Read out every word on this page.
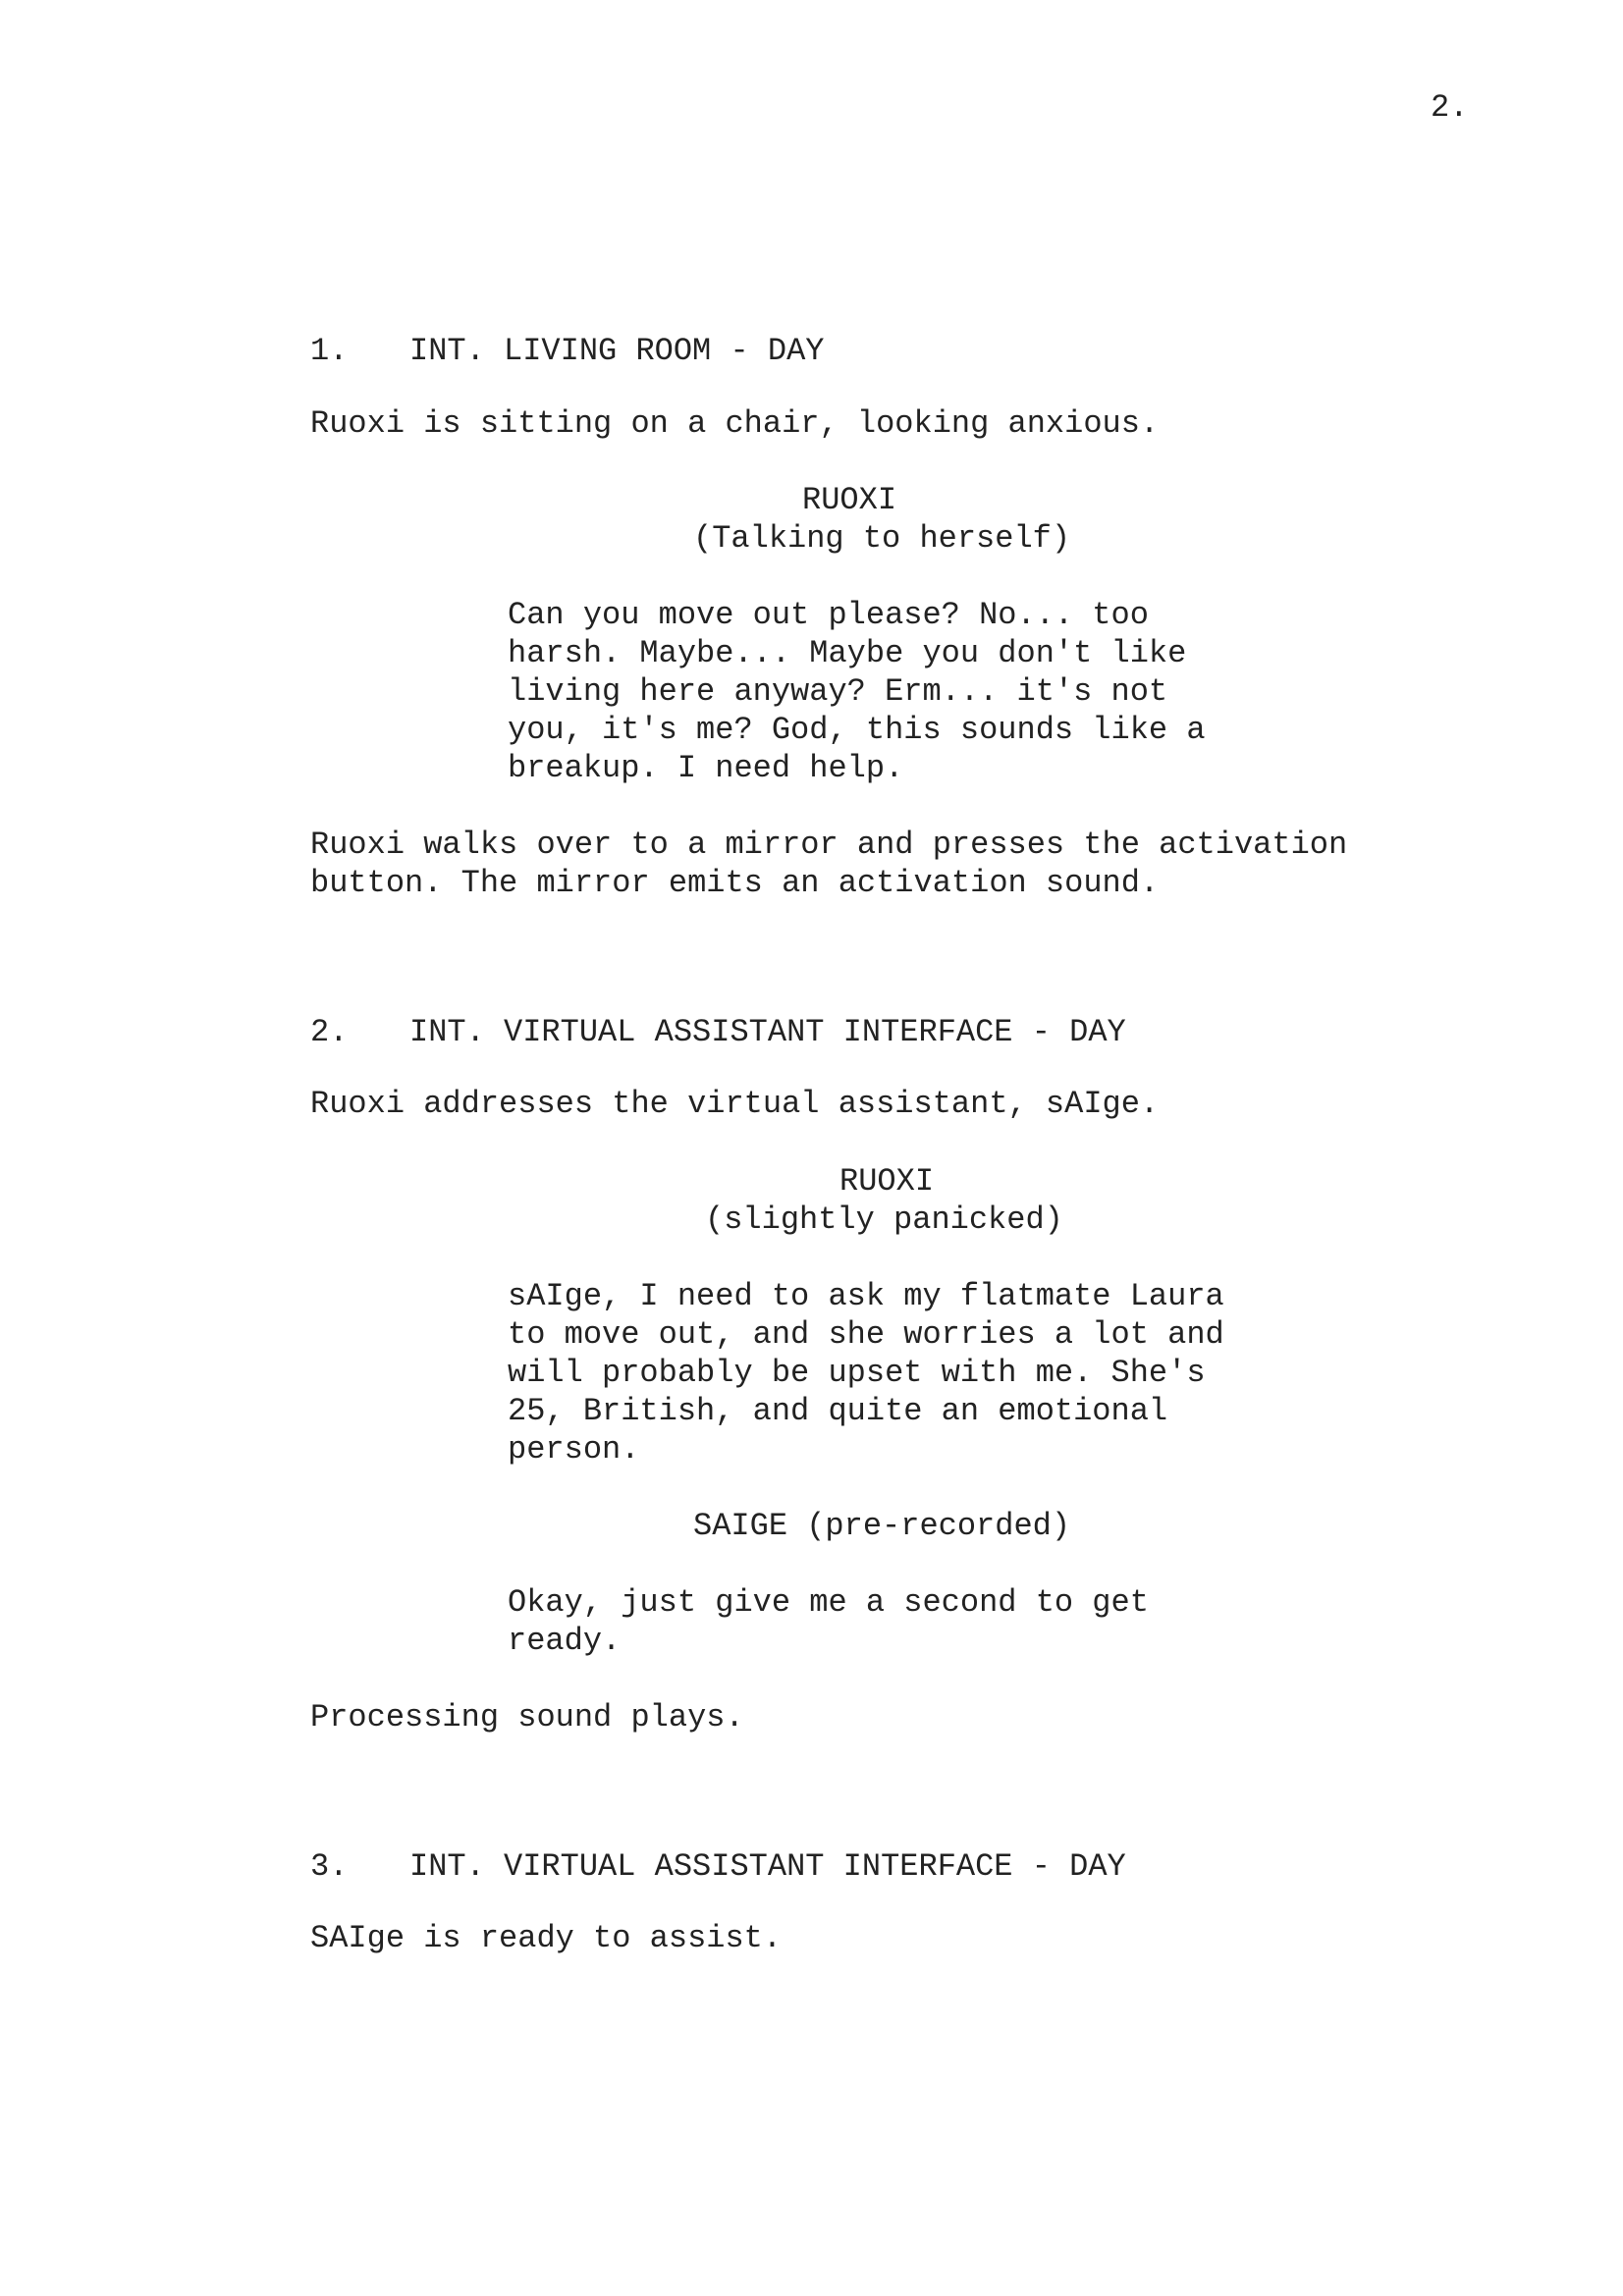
2.
1. INT. LIVING ROOM - DAY
Ruoxi is sitting on a chair, looking anxious.
RUOXI
(Talking to herself)
Can you move out please? No... too
harsh. Maybe... Maybe you don't like
living here anyway? Erm... it's not
you, it's me? God, this sounds like a
breakup. I need help.
Ruoxi walks over to a mirror and presses the activation
button. The mirror emits an activation sound.
2. INT. VIRTUAL ASSISTANT INTERFACE - DAY
Ruoxi addresses the virtual assistant, sAIge.
RUOXI
(slightly panicked)
sAIge, I need to ask my flatmate Laura
to move out, and she worries a lot and
will probably be upset with me. She's
25, British, and quite an emotional
person.
SAIGE (pre-recorded)
Okay, just give me a second to get
ready.
Processing sound plays.
3. INT. VIRTUAL ASSISTANT INTERFACE - DAY
SAIge is ready to assist.
